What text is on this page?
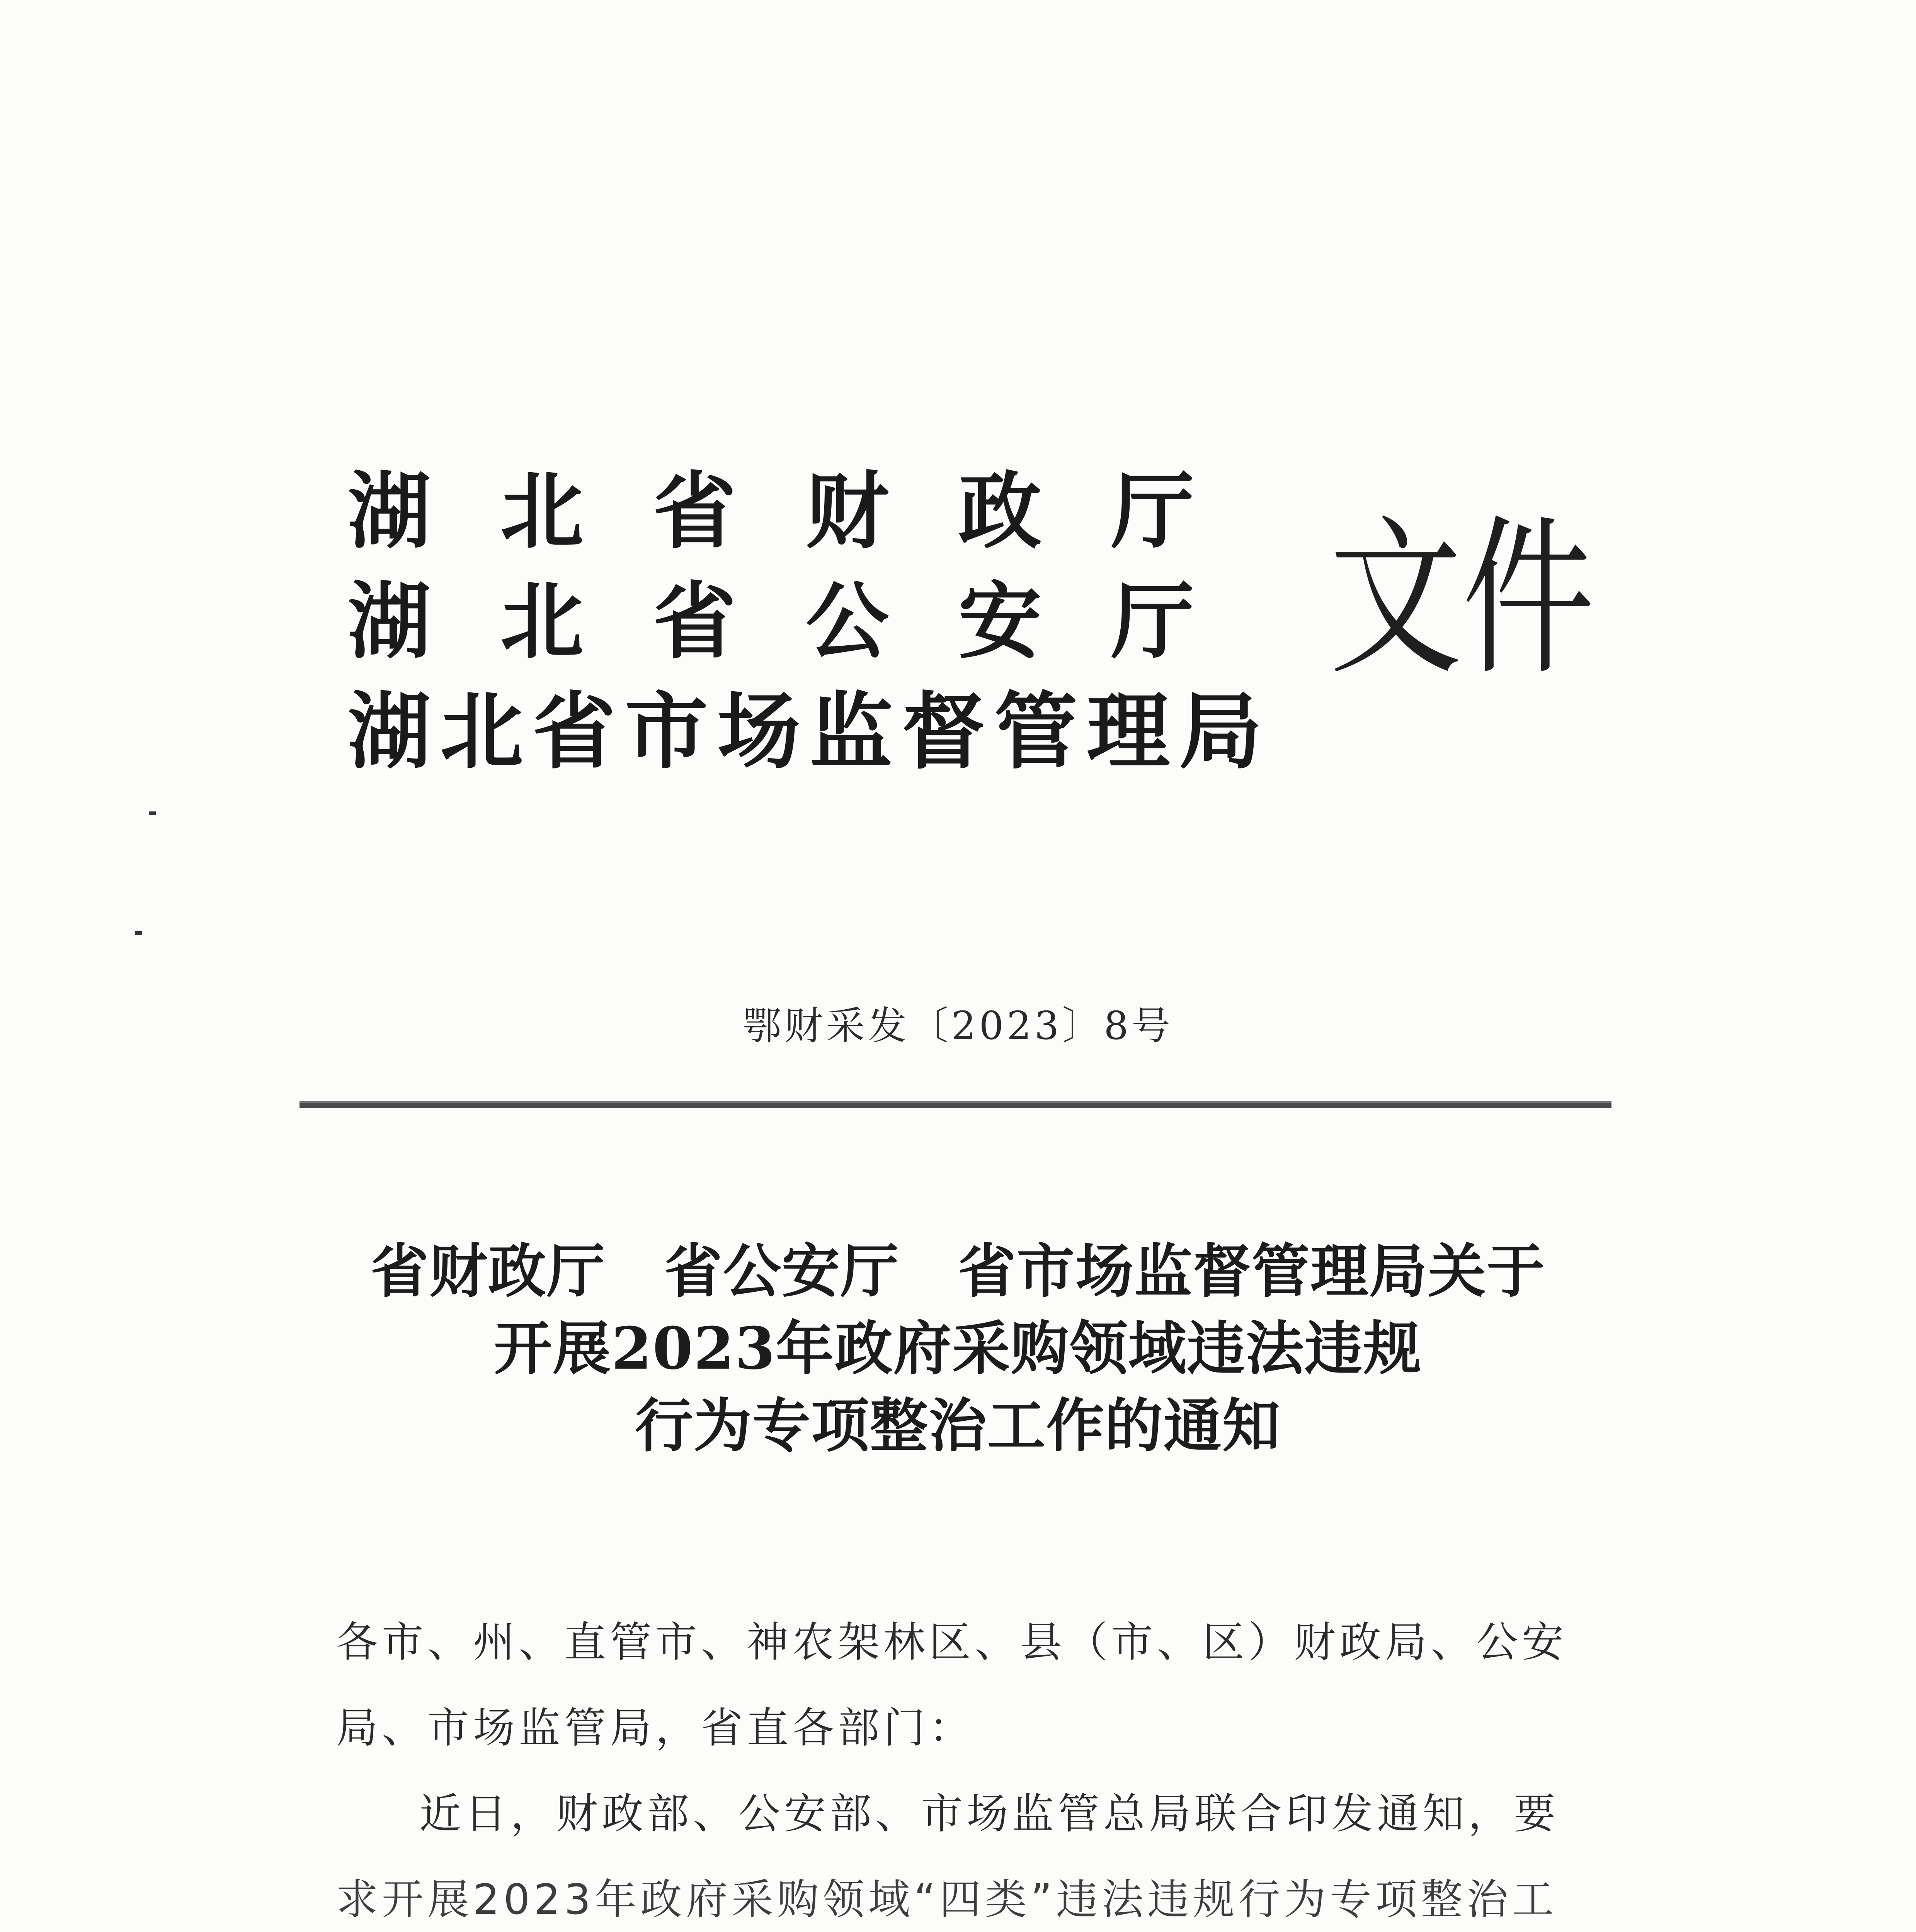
湖北省财政厅
湖北省公安厅
湖北省市场监督管理局
文件
鄂财采发〔2023〕8号
省财政厅　省公安厅　省市场监督管理局关于
开展2023年政府采购领域违法违规
行为专项整治工作的通知
各市、州、直管市、神农架林区、县（市、区）财政局、公安
局、市场监管局，省直各部门：
近日，财政部、公安部、市场监管总局联合印发通知，要
求开展2023年政府采购领域“四类”违法违规行为专项整治工
